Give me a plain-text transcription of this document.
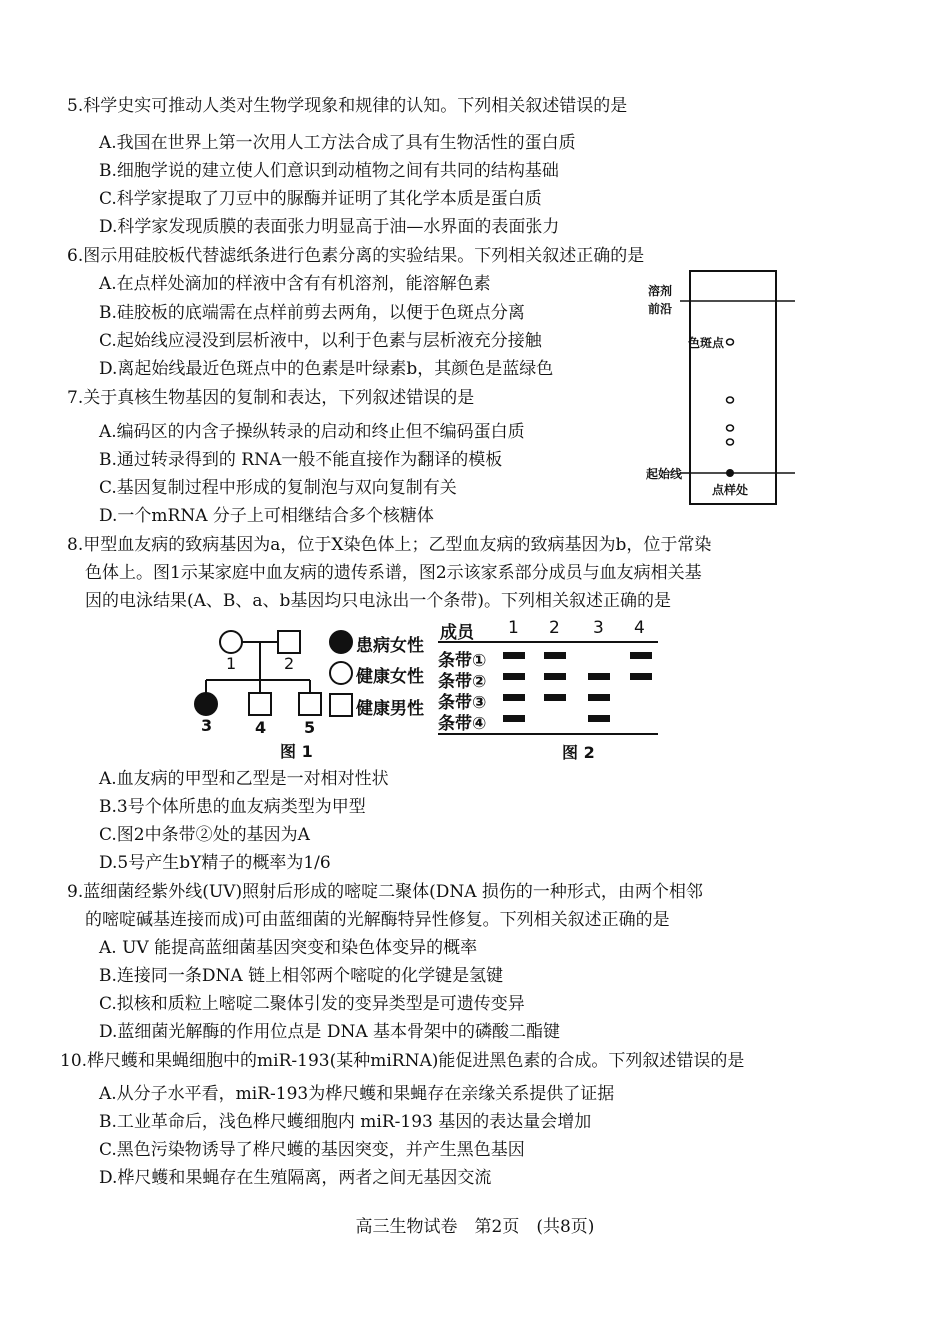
5.科学史实可推动人类对生物学现象和规律的认知。下列相关叙述错误的是
A.我国在世界上第一次用人工方法合成了具有生物活性的蛋白质
B.细胞学说的建立使人们意识到动植物之间有共同的结构基础
C.科学家提取了刀豆中的脲酶并证明了其化学本质是蛋白质
D.科学家发现质膜的表面张力明显高于油—水界面的表面张力
6.图示用硅胶板代替滤纸条进行色素分离的实验结果。下列相关叙述正确的是
A.在点样处滴加的样液中含有有机溶剂，能溶解色素
B.硅胶板的底端需在点样前剪去两角，以便于色斑点分离
C.起始线应浸没到层析液中，以利于色素与层析液充分接触
D.离起始线最近色斑点中的色素是叶绿素b，其颜色是蓝绿色
溶剂
前沿
色斑点
起始线
点样处
7.关于真核生物基因的复制和表达，下列叙述错误的是
A.编码区的内含子操纵转录的启动和终止但不编码蛋白质
B.通过转录得到的 RNA一般不能直接作为翻译的模板
C.基因复制过程中形成的复制泡与双向复制有关
D.一个mRNA 分子上可相继结合多个核糖体
8.甲型血友病的致病基因为a，位于X染色体上；乙型血友病的致病基因为b，位于常染
色体上。图1示某家庭中血友病的遗传系谱，图2示该家系部分成员与血友病相关基
因的电泳结果(A、B、a、b基因均只电泳出一个条带)。下列相关叙述正确的是
1	2
3	4 5
患病女性
健康女性
健康男性
图 1
成员 1 2 3 4
条带①
条带②
条带③
条带④
图 2
A.血友病的甲型和乙型是一对相对性状
B.3号个体所患的血友病类型为甲型
C.图2中条带②处的基因为A
D.5号产生bY精子的概率为1/6
9.蓝细菌经紫外线(UV)照射后形成的嘧啶二聚体(DNA 损伤的一种形式，由两个相邻
的嘧啶碱基连接而成)可由蓝细菌的光解酶特异性修复。下列相关叙述正确的是
A. UV 能提高蓝细菌基因突变和染色体变异的概率
B.连接同一条DNA 链上相邻两个嘧啶的化学键是氢键
C.拟核和质粒上嘧啶二聚体引发的变异类型是可遗传变异
D.蓝细菌光解酶的作用位点是 DNA 基本骨架中的磷酸二酯键
10.桦尺蠖和果蝇细胞中的miR-193(某种miRNA)能促进黑色素的合成。下列叙述错误的是
A.从分子水平看，miR-193为桦尺蠖和果蝇存在亲缘关系提供了证据
B.工业革命后，浅色桦尺蠖细胞内 miR-193 基因的表达量会增加
C.黑色污染物诱导了桦尺蠖的基因突变，并产生黑色基因
D.桦尺蠖和果蝇存在生殖隔离，两者之间无基因交流
高三生物试卷　第2页　(共8页)
